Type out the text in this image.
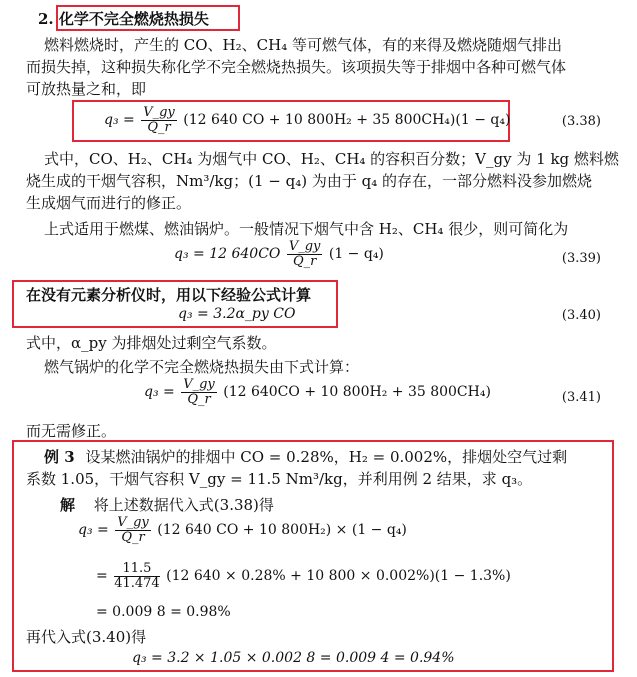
2. 化学不完全燃烧热损失
燃料燃烧时，产生的 CO、H₂、CH₄ 等可燃气体，有的来得及燃烧随烟气排出
而损失掉，这种损失称化学不完全燃烧热损失。该项损失等于排烟中各种可燃气体
可放热量之和，即
$q_3 = \frac{V\_gy}{Q\_r} (12$ 640 CO + 10 800H₂ + 35 800CH₄)(1 − q₄)	(3.38)
式中，CO、H₂、CH₄ 为烟气中 CO、H₂、CH₄ 的容积百分数；V_gy 为 1 kg 燃料燃
烧生成的干烟气容积，Nm³/kg；(1 − q₄) 为由于 q₄ 的存在，一部分燃料没参加燃烧
生成烟气而进行的修正。
上式适用于燃煤、燃油锅炉。一般情况下烟气中含 H₂、CH₄ 很少，则可简化为
q₃ = 12 $640CO \frac{V\_gy}{Q\_r} (1 - q_4)$	(3.39)
在没有元素分析仪时，用以下经验公式计算
q₃ = 3.2α_py CO	(3.40)
式中，α_py 为排烟处过剩空气系数。
燃气锅炉的化学不完全燃烧热损失由下式计算：
$q_3 = \frac{V\_gy}{Q\_r} (12$ 640CO + 10 800H₂ + 35 800CH₄)	(3.41)
而无需修正。
例 3 设某燃油锅炉的排烟中 CO = 0.28%，H₂ = 0.002%，排烟处空气过剩
系数 1.05，干烟气容积 V_gy = 11.5 Nm³/kg，并利用例 2 结果，求 q₃。
解 将上述数据代入式(3.38)得
$q_3 = \frac{V\_gy}{Q\_r} (12$ 640 CO + 10 800H₂) × (1 − q₄)
= $\frac{11.5}{41.474} (12$ 640 × 0.28% + 10 800 × 0.002%)(1 − 1.3%)
= 0.009 8 = 0.98%
再代入式(3.40)得
q₃ = 3.2 × 1.05 × 0.002 8 = 0.009 4 = 0.94%
